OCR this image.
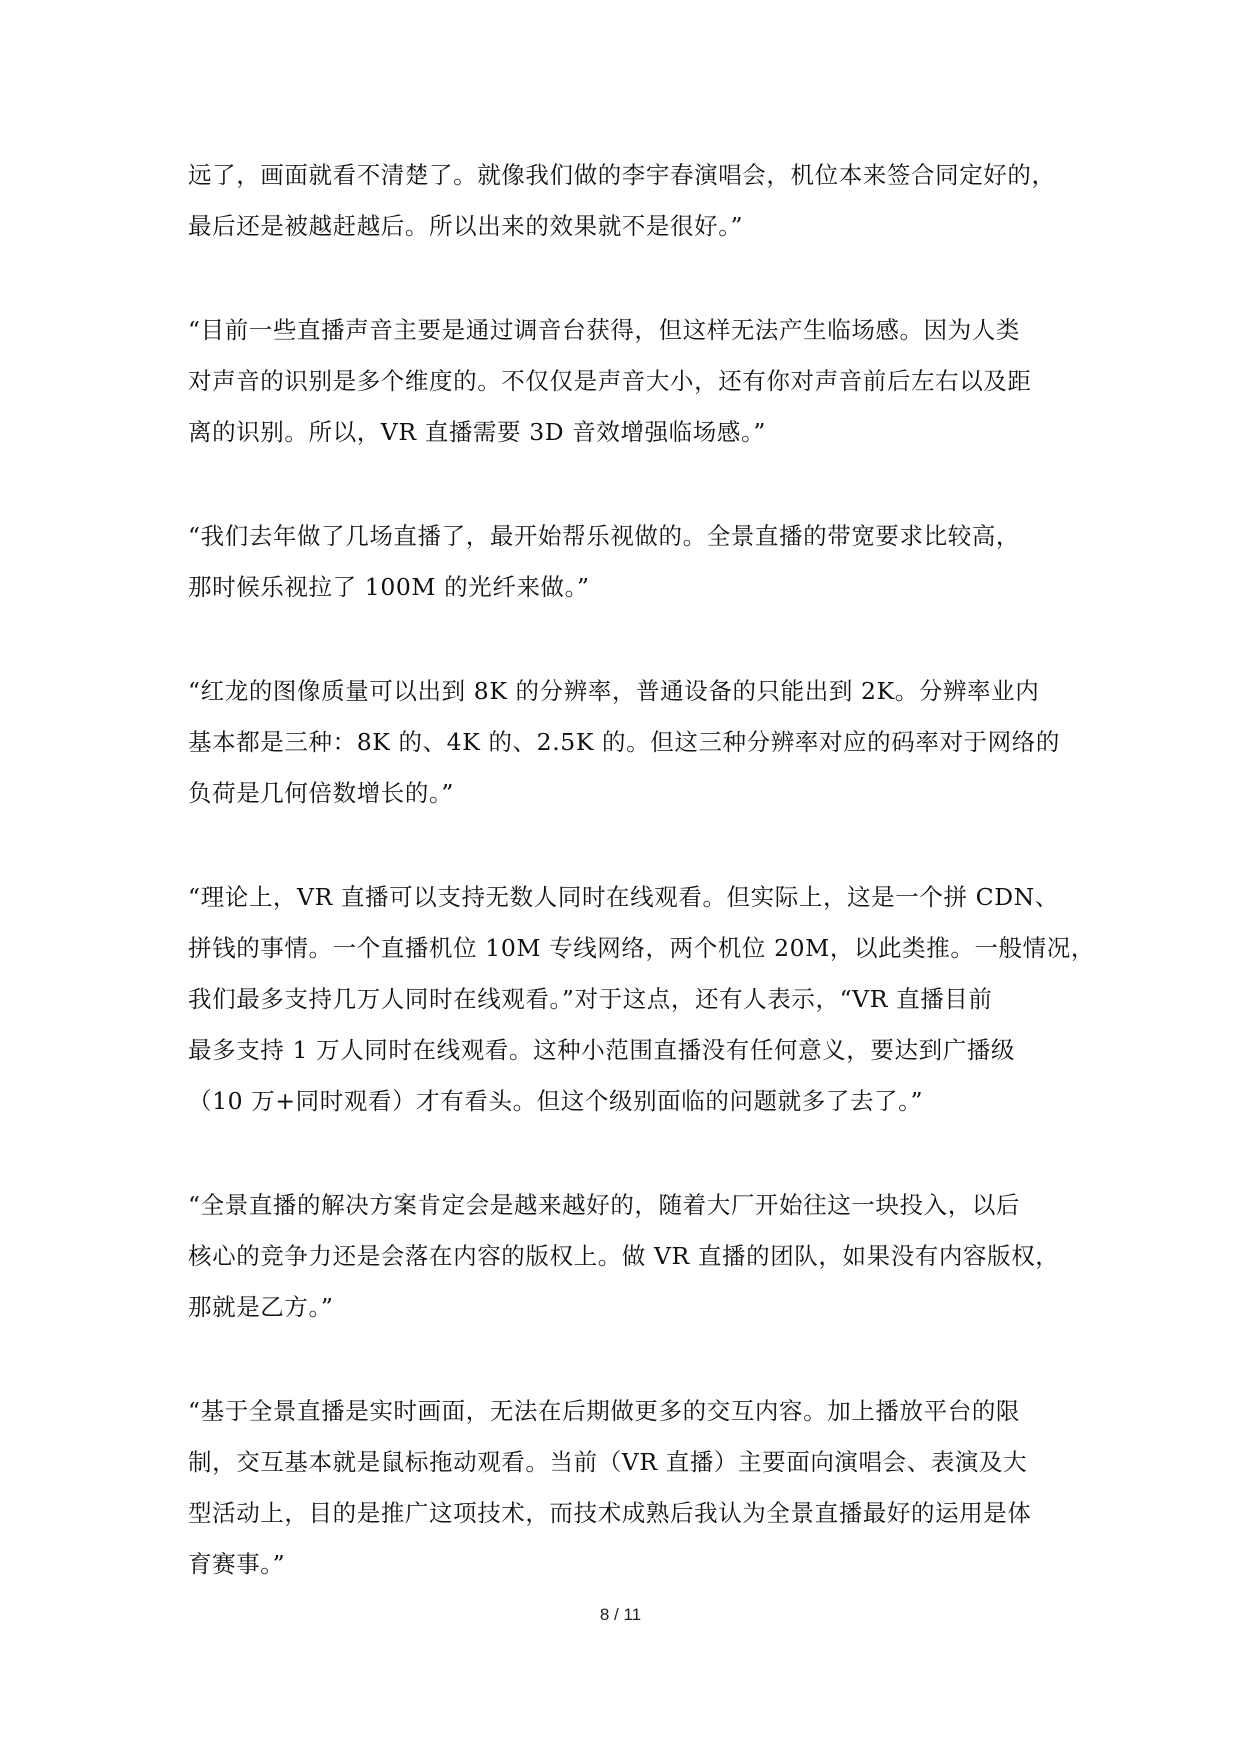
远了，画面就看不清楚了。就像我们做的李宇春演唱会，机位本来签合同定好的，
最后还是被越赶越后。所以出来的效果就不是很好。”

“目前一些直播声音主要是通过调音台获得，但这样无法产生临场感。因为人类
对声音的识别是多个维度的。不仅仅是声音大小，还有你对声音前后左右以及距
离的识别。所以，VR 直播需要 3D 音效增强临场感。”

“我们去年做了几场直播了，最开始帮乐视做的。全景直播的带宽要求比较高，
那时候乐视拉了 100M 的光纤来做。”

“红龙的图像质量可以出到 8K 的分辨率，普通设备的只能出到 2K。分辨率业内
基本都是三种：8K 的、4K 的、2.5K 的。但这三种分辨率对应的码率对于网络的
负荷是几何倍数增长的。”

“理论上，VR 直播可以支持无数人同时在线观看。但实际上，这是一个拼 CDN、
拼钱的事情。一个直播机位 10M 专线网络，两个机位 20M，以此类推。一般情况，
我们最多支持几万人同时在线观看。”对于这点，还有人表示，“VR 直播目前
最多支持 1 万人同时在线观看。这种小范围直播没有任何意义，要达到广播级
（10 万+同时观看）才有看头。但这个级别面临的问题就多了去了。”

“全景直播的解决方案肯定会是越来越好的，随着大厂开始往这一块投入，以后
核心的竞争力还是会落在内容的版权上。做 VR 直播的团队，如果没有内容版权，
那就是乙方。”

“基于全景直播是实时画面，无法在后期做更多的交互内容。加上播放平台的限
制，交互基本就是鼠标拖动观看。当前（VR 直播）主要面向演唱会、表演及大
型活动上，目的是推广这项技术，而技术成熟后我认为全景直播最好的运用是体
育赛事。”

8 / 11
